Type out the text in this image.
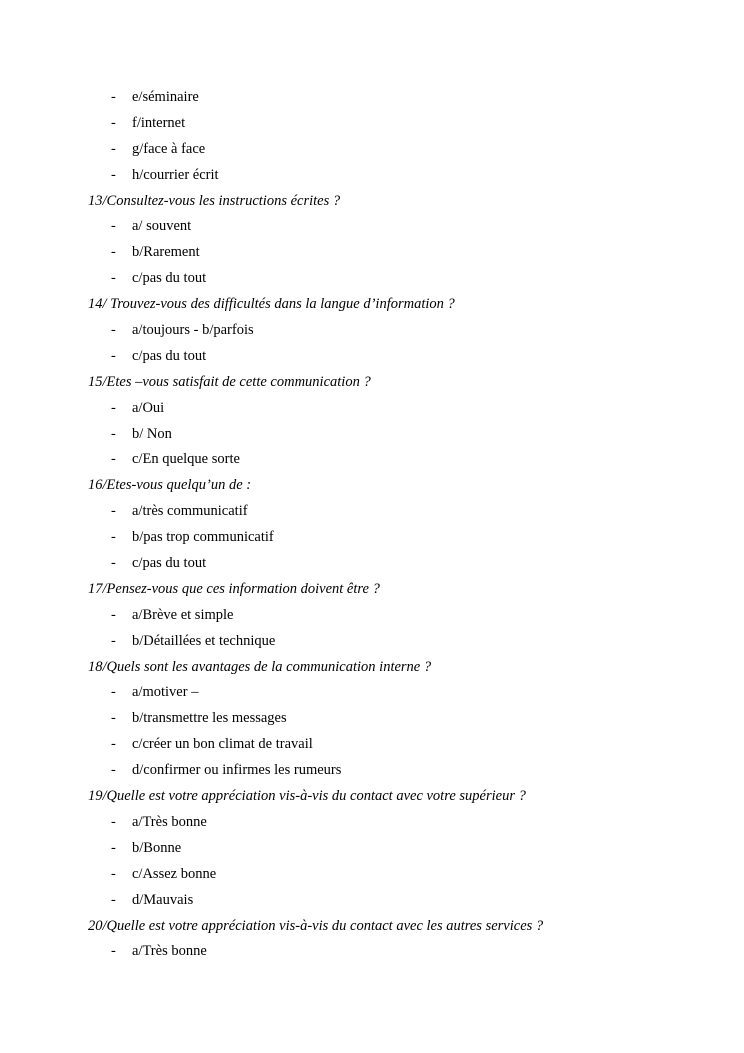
- e/séminaire
- f/internet
- g/face à face
- h/courrier écrit
13/Consultez-vous les instructions écrites ?
- a/ souvent
- b/Rarement
- c/pas du tout
14/ Trouvez-vous des difficultés dans la langue d’information ?
- a/toujours - b/parfois
- c/pas du tout
15/Etes –vous satisfait de cette communication ?
- a/Oui
- b/ Non
- c/En quelque sorte
16/Etes-vous quelqu’un de :
- a/très communicatif
- b/pas trop communicatif
- c/pas du tout
17/Pensez-vous que ces information doivent être ?
- a/Brève et simple
- b/Détaillées et technique
18/Quels sont les avantages de la communication interne ?
- a/motiver –
- b/transmettre les messages
- c/créer un bon climat de travail
- d/confirmer ou infirmes les rumeurs
19/Quelle est votre appréciation vis-à-vis du contact avec votre supérieur ?
- a/Très bonne
- b/Bonne
- c/Assez bonne
- d/Mauvais
20/Quelle est votre appréciation vis-à-vis du contact avec les autres services ?
- a/Très bonne
